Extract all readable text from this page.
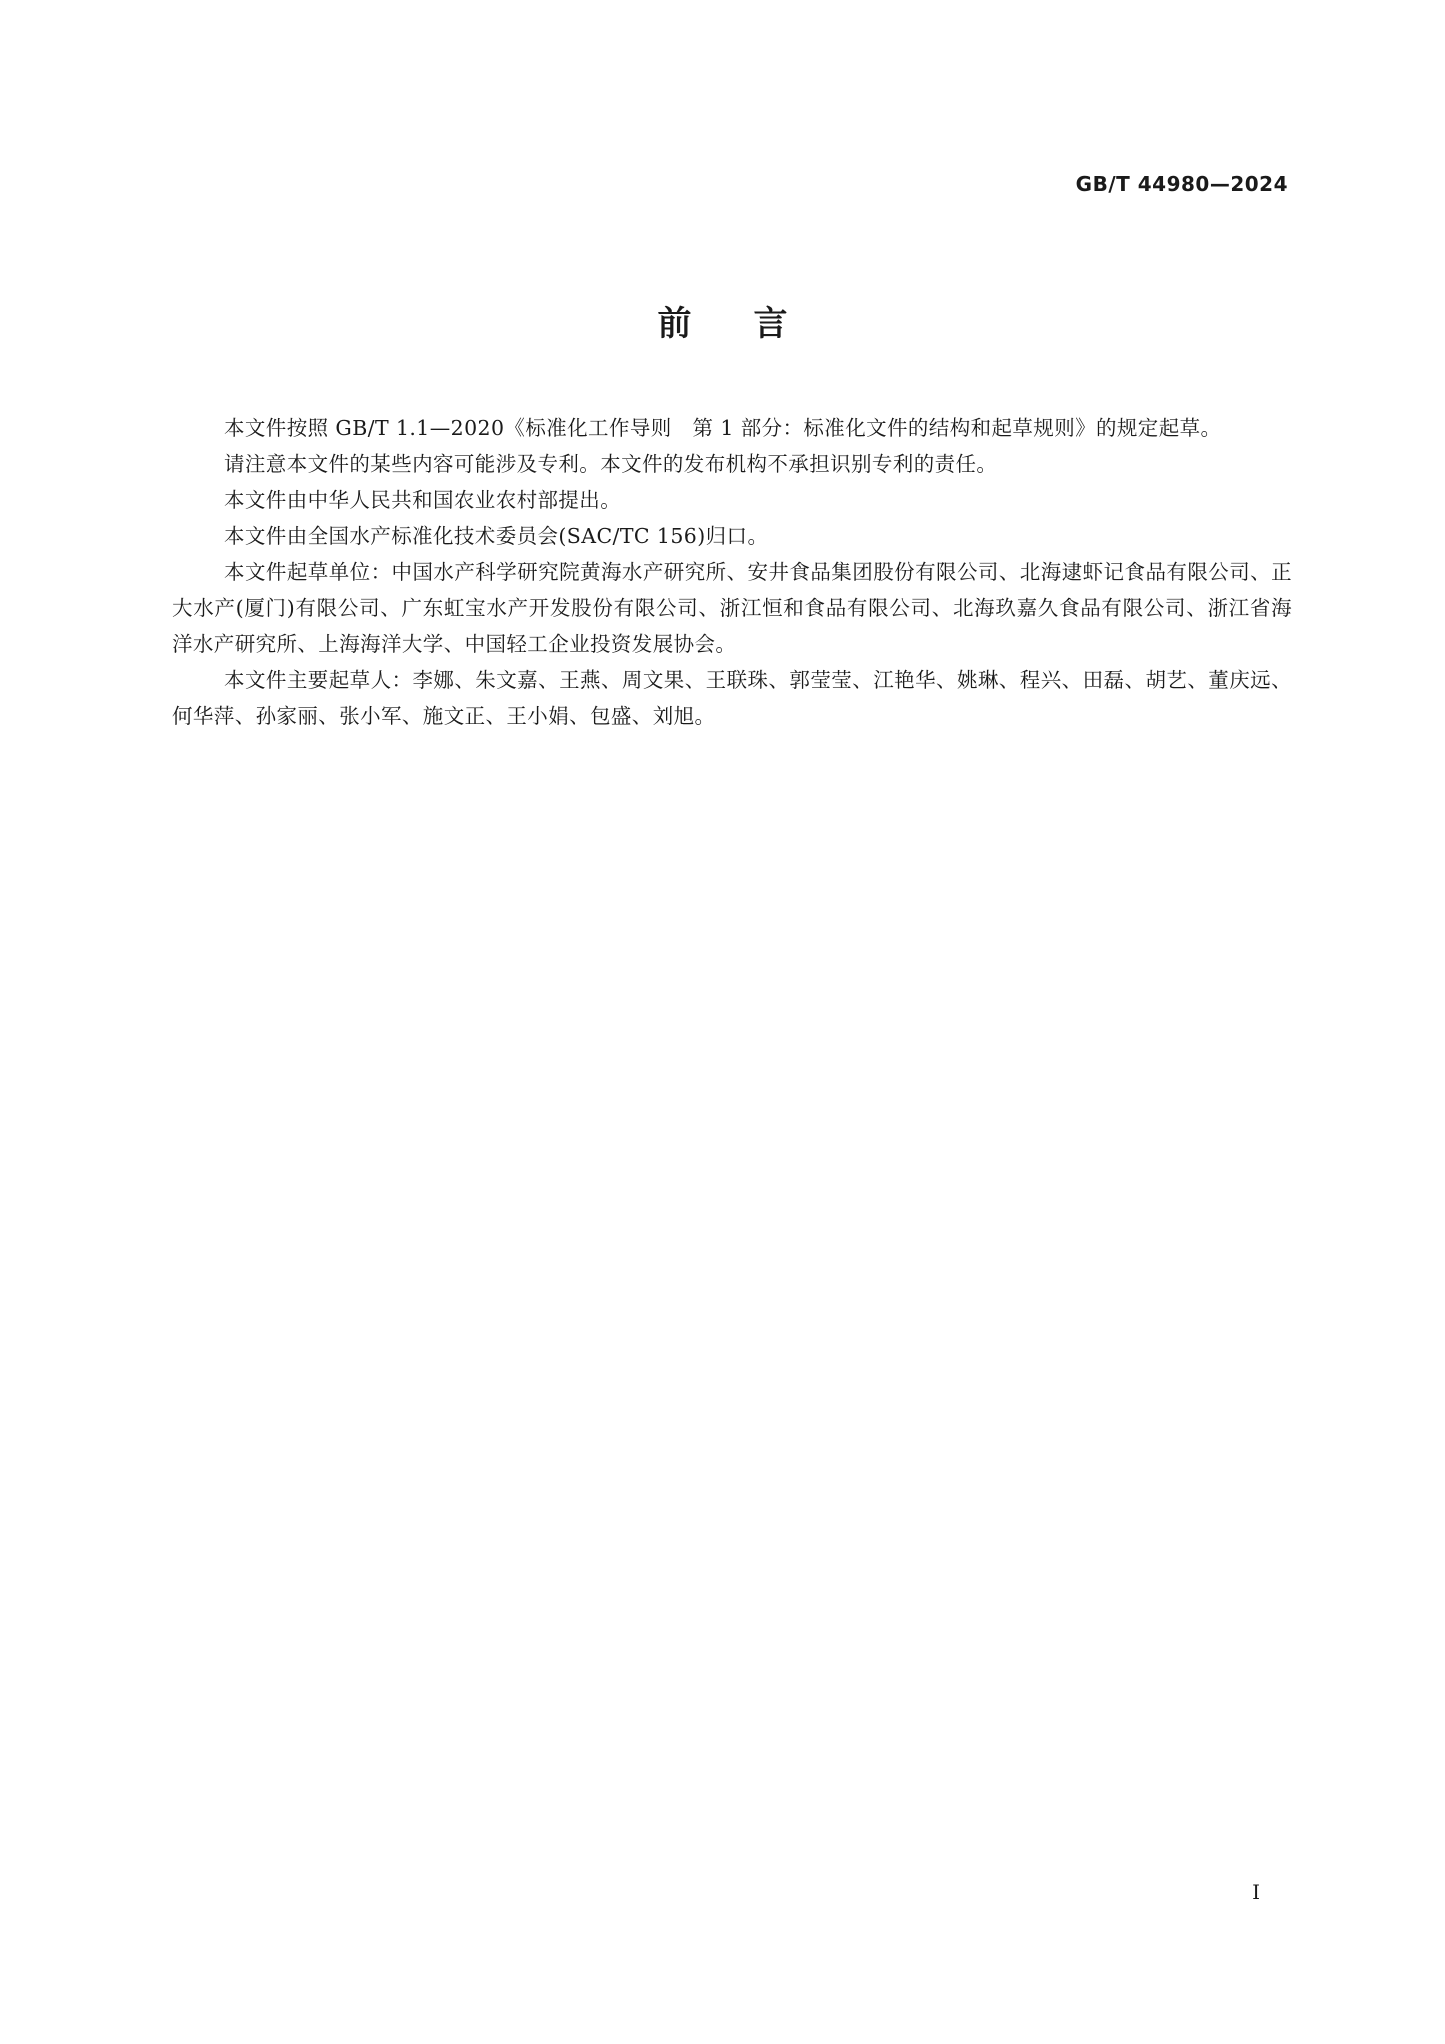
GB/T 44980—2024
前言

本文件按照 GB/T 1.1—2020《标准化工作导则　第 1 部分：标准化文件的结构和起草规则》的规定起草。

请注意本文件的某些内容可能涉及专利。本文件的发布机构不承担识别专利的责任。

本文件由中华人民共和国农业农村部提出。

本文件由全国水产标准化技术委员会(SAC/TC 156)归口。

本文件起草单位：中国水产科学研究院黄海水产研究所、安井食品集团股份有限公司、北海逮虾记食品有限公司、正大水产(厦门)有限公司、广东虹宝水产开发股份有限公司、浙江恒和食品有限公司、北海玖嘉久食品有限公司、浙江省海洋水产研究所、上海海洋大学、中国轻工企业投资发展协会。

本文件主要起草人：李娜、朱文嘉、王燕、周文果、王联珠、郭莹莹、江艳华、姚琳、程兴、田磊、胡艺、董庆远、何华萍、孙家丽、张小军、施文正、王小娟、包盛、刘旭。

I
